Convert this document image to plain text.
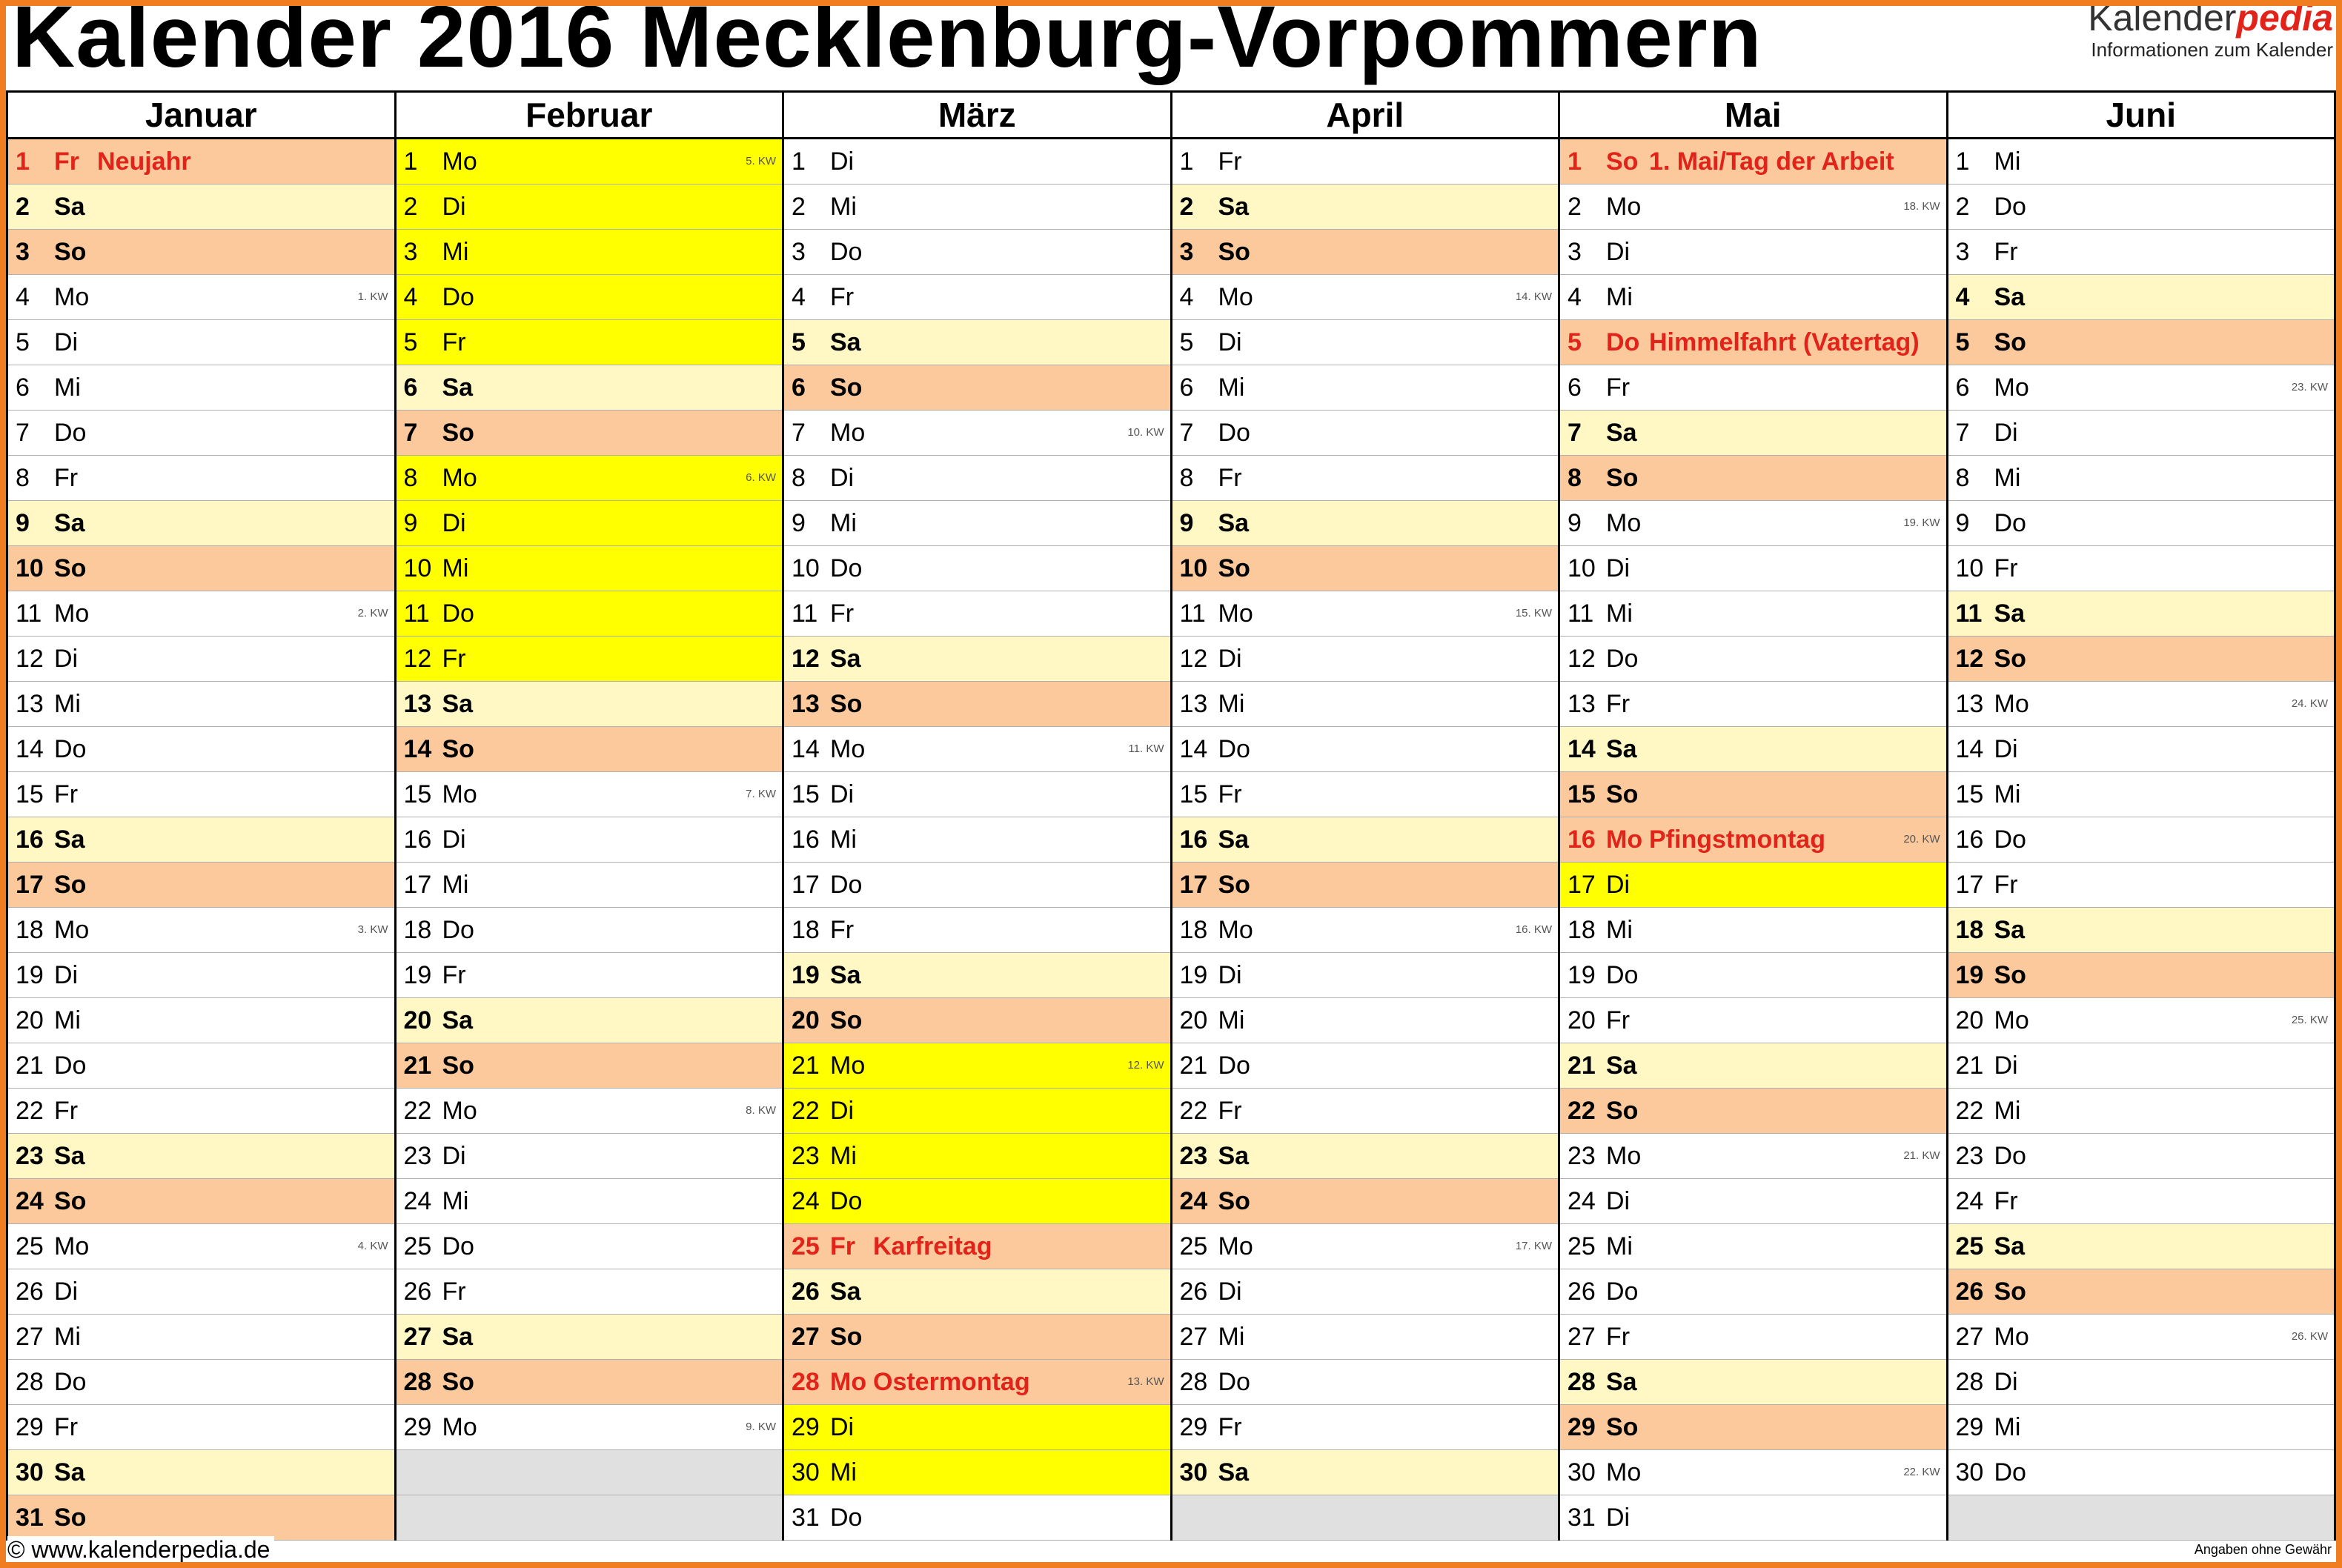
Kalender 2016 Mecklenburg-Vorpommern	Kalenderpedia
Informationen zum Kalender
Januar
1 Fr Neujahr
2 Sa
3 So
4 Mo	1. KW
5 Di
6 Mi
7 Do
8 Fr
9 Sa
10 So
11 Mo	2. KW
12 Di
13 Mi
14 Do
15 Fr
16 Sa
17 So
18 Mo	3. KW
19 Di
20 Mi
21 Do
22 Fr
23 Sa
24 So
25 Mo	4. KW
26 Di
27 Mi
28 Do
29 Fr
30 Sa
31 So
Februar
1 Mo	5. KW
2 Di
3 Mi
4 Do
5 Fr
6 Sa
7 So
8 Mo	6. KW
9 Di
10 Mi
11 Do
12 Fr
13 Sa
14 So
15 Mo	7. KW
16 Di
17 Mi
18 Do
19 Fr
20 Sa
21 So
22 Mo	8. KW
23 Di
24 Mi
25 Do
26 Fr
27 Sa
28 So
29 Mo	9. KW
März
1 Di
2 Mi
3 Do
4 Fr
5 Sa
6 So
7 Mo	10. KW
8 Di
9 Mi
10 Do
11 Fr
12 Sa
13 So
14 Mo	11. KW
15 Di
16 Mi
17 Do
18 Fr
19 Sa
20 So
21 Mo	12. KW
22 Di
23 Mi
24 Do
25 Fr Karfreitag
26 Sa
27 So
28 Mo Ostermontag	13. KW
29 Di
30 Mi
31 Do
April
1 Fr
2 Sa
3 So
4 Mo	14. KW
5 Di
6 Mi
7 Do
8 Fr
9 Sa
10 So
11 Mo	15. KW
12 Di
13 Mi
14 Do
15 Fr
16 Sa
17 So
18 Mo	16. KW
19 Di
20 Mi
21 Do
22 Fr
23 Sa
24 So
25 Mo	17. KW
26 Di
27 Mi
28 Do
29 Fr
30 Sa
Mai
1 So 1. Mai/Tag der Arbeit
2 Mo	18. KW
3 Di
4 Mi
5 Do Himmelfahrt (Vatertag)
6 Fr
7 Sa
8 So
9 Mo	19. KW
10 Di
11 Mi
12 Do
13 Fr
14 Sa
15 So
16 Mo Pfingstmontag	20. KW
17 Di
18 Mi
19 Do
20 Fr
21 Sa
22 So
23 Mo	21. KW
24 Di
25 Mi
26 Do
27 Fr
28 Sa
29 So
30 Mo	22. KW
31 Di
Juni
1 Mi
2 Do
3 Fr
4 Sa
5 So
6 Mo	23. KW
7 Di
8 Mi
9 Do
10 Fr
11 Sa
12 So
13 Mo	24. KW
14 Di
15 Mi
16 Do
17 Fr
18 Sa
19 So
20 Mo	25. KW
21 Di
22 Mi
23 Do
24 Fr
25 Sa
26 So
27 Mo	26. KW
28 Di
29 Mi
30 Do
© www.kalenderpedia.de	Angaben ohne Gewähr
